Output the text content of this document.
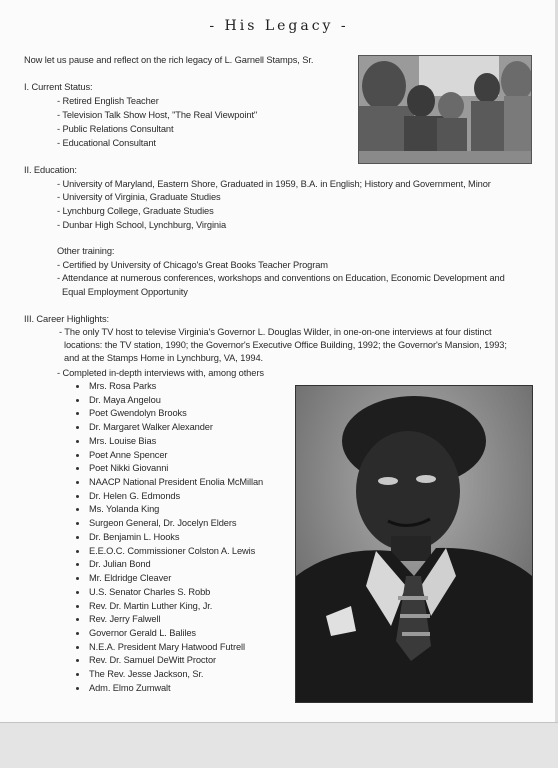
- His Legacy -
Now let us pause and reflect on the rich legacy of L. Garnell Stamps, Sr.
I. Current Status:
- Retired English Teacher
- Television Talk Show Host, "The Real Viewpoint"
- Public Relations Consultant
- Educational Consultant
II. Education:
- University of Maryland, Eastern Shore, Graduated in 1959, B.A. in English; History and Government, Minor
- University of Virginia, Graduate Studies
- Lynchburg College, Graduate Studies
- Dunbar High School, Lynchburg, Virginia
Other training:
- Certified by University of Chicago's Great Books Teacher Program
- Attendance at numerous conferences, workshops and conventions on Education, Economic Development and
Equal Employment Opportunity
III. Career Highlights:
- The only TV host to televise Virginia's Governor L. Douglas Wilder, in one-on-one interviews at four distinct
locations: the TV station, 1990; the Governor's Executive Office Building, 1992; the Governor's Mansion, 1993;
and at the Stamps Home in Lynchburg, VA, 1994.
- Completed in-depth interviews with, among others
Mrs. Rosa Parks
Dr. Maya Angelou
Poet Gwendolyn Brooks
Dr. Margaret Walker Alexander
Mrs. Louise Bias
Poet Anne Spencer
Poet Nikki Giovanni
NAACP National President Enolia McMillan
Dr. Helen G. Edmonds
Ms. Yolanda King
Surgeon General, Dr. Jocelyn Elders
Dr. Benjamin L. Hooks
E.E.O.C. Commissioner Colston A. Lewis
Dr. Julian Bond
Mr. Eldridge Cleaver
U.S. Senator Charles S. Robb
Rev. Dr. Martin Luther King, Jr.
Rev. Jerry Falwell
Governor Gerald L. Baliles
N.E.A. President Mary Hatwood Futrell
Rev. Dr. Samuel DeWitt Proctor
The Rev. Jesse Jackson, Sr.
Adm. Elmo Zumwalt
